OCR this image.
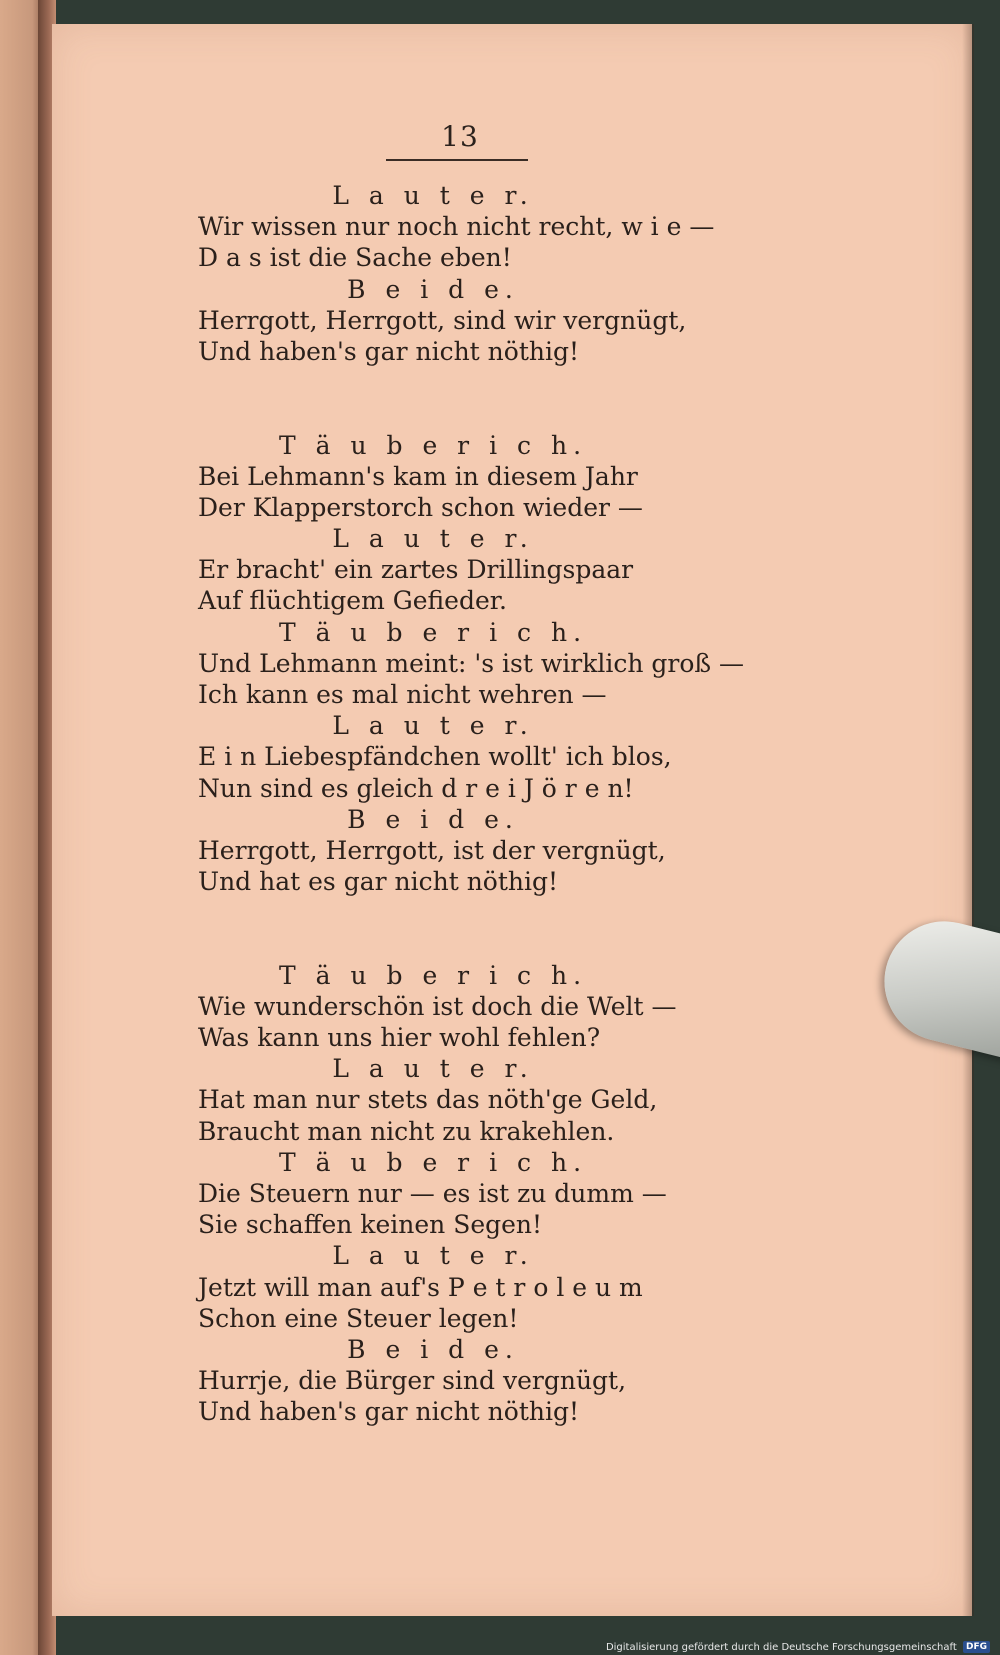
13
L a u t e r.
Wir wissen nur noch nicht recht, w i e —
D a s ist die Sache eben!
B e i d e.
Herrgott, Herrgott, sind wir vergnügt,
Und haben's gar nicht nöthig!
T ä u b e r i c h.
Bei Lehmann's kam in diesem Jahr
Der Klapperstorch schon wieder —
L a u t e r.
Er bracht' ein zartes Drillingspaar
Auf flüchtigem Gefieder.
T ä u b e r i c h.
Und Lehmann meint: 's ist wirklich groß —
Ich kann es mal nicht wehren —
L a u t e r.
E i n Liebespfändchen wollt' ich blos,
Nun sind es gleich d r e i J ö r e n!
B e i d e.
Herrgott, Herrgott, ist der vergnügt,
Und hat es gar nicht nöthig!
T ä u b e r i c h.
Wie wunderschön ist doch die Welt —
Was kann uns hier wohl fehlen?
L a u t e r.
Hat man nur stets das nöth'ge Geld,
Braucht man nicht zu krakehlen.
T ä u b e r i c h.
Die Steuern nur — es ist zu dumm —
Sie schaffen keinen Segen!
L a u t e r.
Jetzt will man auf's P e t r o l e u m
Schon eine Steuer legen!
B e i d e.
Hurrje, die Bürger sind vergnügt,
Und haben's gar nicht nöthig!
Digitalisierung gefördert durch die Deutsche Forschungsgemeinschaft DFG
